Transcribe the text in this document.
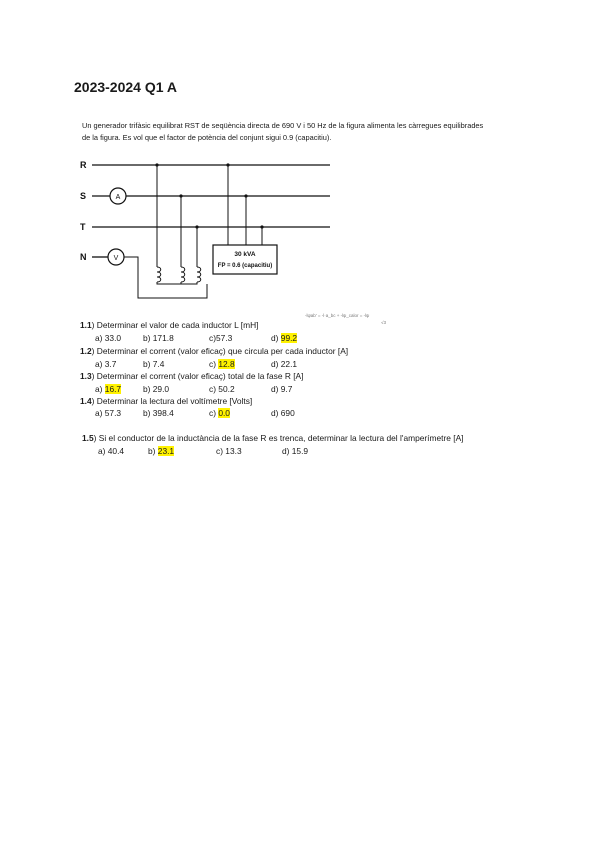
2023-2024 Q1 A
Un generador trifàsic equilibrat RST de seqüència directa de 690 V i 50 Hz de la figura alimenta les càrregues equilibrades
de la figura. Es vol que el factor de potència del conjunt sigui 0.9 (capacitiu).
R
S
T
N
A
V
30 kVA
FP = 0.6 (capacitiu)
-lψab' = -l·a_bc + -lψ_calor = -lψ
√3
1.1) Determinar el valor de cada inductor L [mH]
a) 33.0	b) 171.8	c)57.3	d) 99.2
1.2) Determinar el corrent (valor eficaç) que circula per cada inductor [A]
a) 3.7	b) 7.4	c) 12.8	d) 22.1
1.3) Determinar el corrent (valor eficaç) total de la fase R [A]
a) 16.7	b) 29.0	c) 50.2	d) 9.7
1.4) Determinar la lectura del voltímetre [Volts]
a) 57.3	b) 398.4	c) 0.0	d) 690
1.5) Si el conductor de la inductància de la fase R es trenca, determinar la lectura del l'amperímetre [A]
a) 40.4	b) 23.1	c) 13.3	d) 15.9
